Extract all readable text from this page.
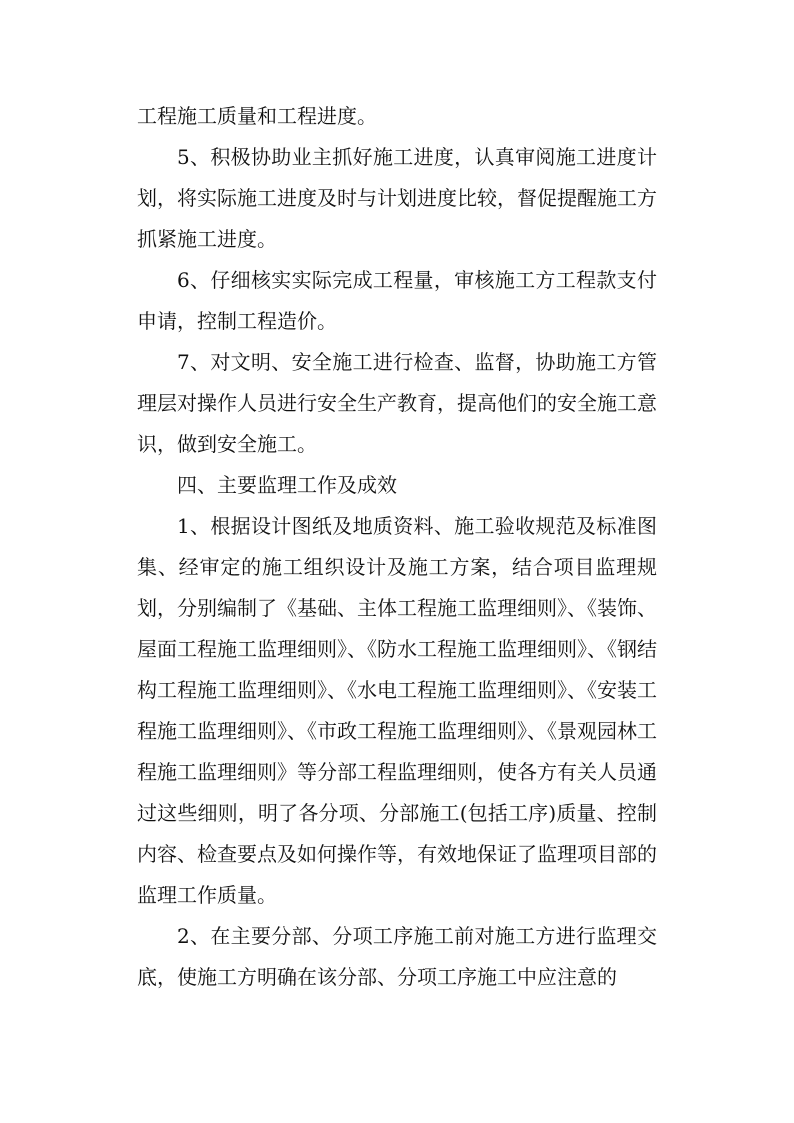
工程施工质量和工程进度。

5、积极协助业主抓好施工进度，认真审阅施工进度计划，将实际施工进度及时与计划进度比较，督促提醒施工方抓紧施工进度。

6、仔细核实实际完成工程量，审核施工方工程款支付申请，控制工程造价。

7、对文明、安全施工进行检查、监督，协助施工方管理层对操作人员进行安全生产教育，提高他们的安全施工意识，做到安全施工。

四、主要监理工作及成效

1、根据设计图纸及地质资料、施工验收规范及标准图集、经审定的施工组织设计及施工方案，结合项目监理规划，分别编制了《基础、主体工程施工监理细则》、《装饰、屋面工程施工监理细则》、《防水工程施工监理细则》、《钢结构工程施工监理细则》、《水电工程施工监理细则》、《安装工程施工监理细则》、《市政工程施工监理细则》、《景观园林工程施工监理细则》等分部工程监理细则，使各方有关人员通过这些细则，明了各分项、分部施工(包括工序)质量、控制内容、检查要点及如何操作等，有效地保证了监理项目部的监理工作质量。

2、在主要分部、分项工序施工前对施工方进行监理交底，使施工方明确在该分部、分项工序施工中应注意的
